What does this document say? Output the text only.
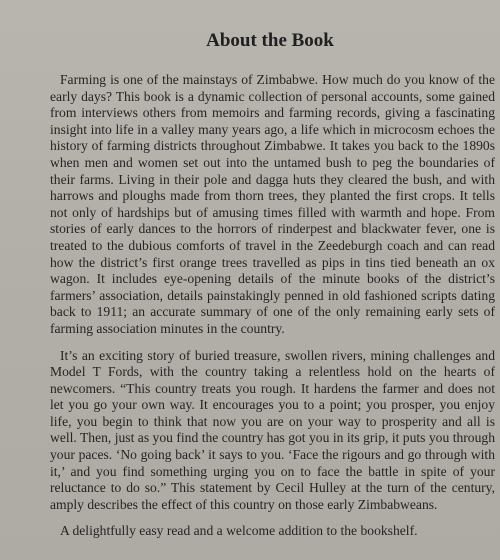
About the Book

Farming is one of the mainstays of Zimbabwe. How much do you know of the early days? This book is a dynamic collection of personal accounts, some gained from interviews others from memoirs and farming records, giving a fascinating insight into life in a valley many years ago, a life which in microcosm echoes the history of farming districts throughout Zimbabwe. It takes you back to the 1890s when men and women set out into the untamed bush to peg the boundaries of their farms. Living in their pole and dagga huts they cleared the bush, and with harrows and ploughs made from thorn trees, they planted the first crops. It tells not only of hardships but of amusing times filled with warmth and hope. From stories of early dances to the horrors of rinderpest and blackwater fever, one is treated to the dubious comforts of travel in the Zeedeburgh coach and can read how the district’s first orange trees travelled as pips in tins tied beneath an ox wagon. It includes eye-opening details of the minute books of the district’s farmers’ association, details painstakingly penned in old fashioned scripts dating back to 1911; an accurate summary of one of the only remaining early sets of farming association minutes in the country.

It’s an exciting story of buried treasure, swollen rivers, mining challenges and Model T Fords, with the country taking a relentless hold on the hearts of newcomers. “This country treats you rough. It hardens the farmer and does not let you go your own way. It encourages you to a point; you prosper, you enjoy life, you begin to think that now you are on your way to prosperity and all is well. Then, just as you find the country has got you in its grip, it puts you through your paces. ‘No going back’ it says to you. ‘Face the rigours and go through with it,’ and you find something urging you on to face the battle in spite of your reluctance to do so.” This statement by Cecil Hulley at the turn of the century, amply describes the effect of this country on those early Zimbabweans.

A delightfully easy read and a welcome addition to the bookshelf.
